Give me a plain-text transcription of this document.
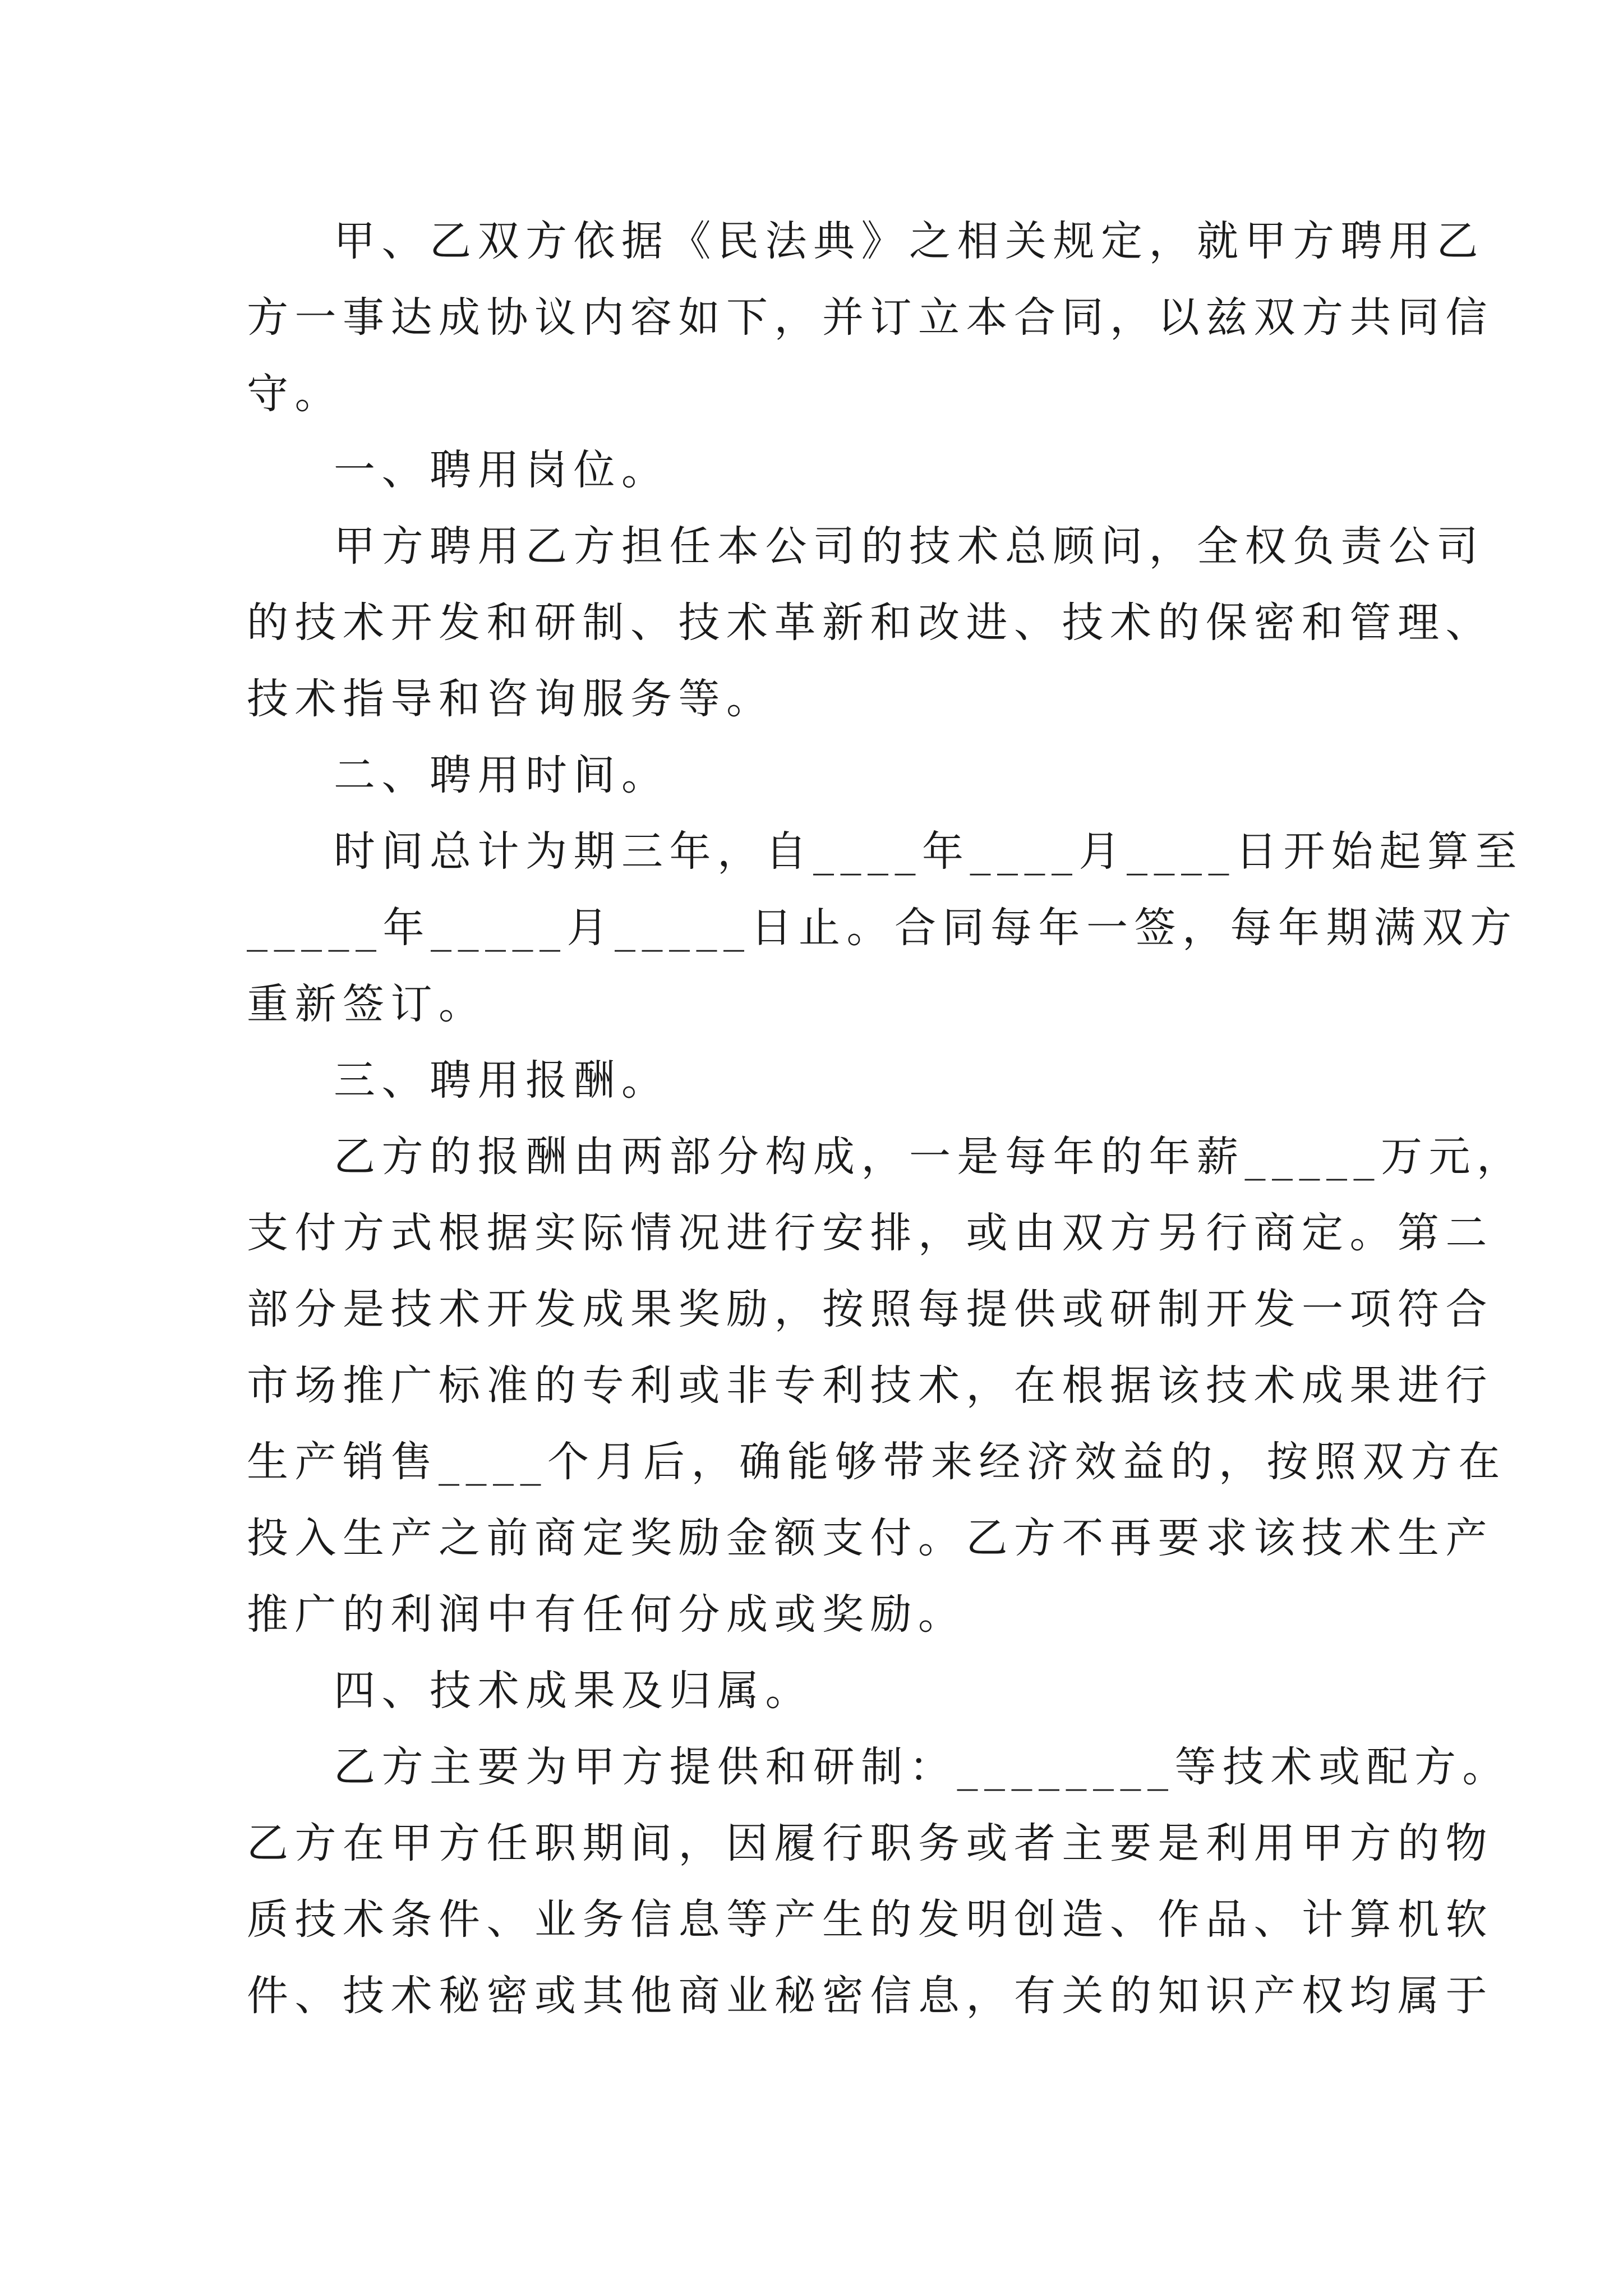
甲、乙双方依据《民法典》之相关规定，就甲方聘用乙
方一事达成协议内容如下，并订立本合同，以兹双方共同信
守。
一、聘用岗位。
甲方聘用乙方担任本公司的技术总顾问，全权负责公司
的技术开发和研制、技术革新和改进、技术的保密和管理、
技术指导和咨询服务等。
二、聘用时间。
时间总计为期三年，自____年____月____日开始起算至
_____年_____月_____日止。合同每年一签，每年期满双方
重新签订。
三、聘用报酬。
乙方的报酬由两部分构成，一是每年的年薪_____万元，
支付方式根据实际情况进行安排，或由双方另行商定。第二
部分是技术开发成果奖励，按照每提供或研制开发一项符合
市场推广标准的专利或非专利技术，在根据该技术成果进行
生产销售____个月后，确能够带来经济效益的，按照双方在
投入生产之前商定奖励金额支付。乙方不再要求该技术生产
推广的利润中有任何分成或奖励。
四、技术成果及归属。
乙方主要为甲方提供和研制：________等技术或配方。
乙方在甲方任职期间，因履行职务或者主要是利用甲方的物
质技术条件、业务信息等产生的发明创造、作品、计算机软
件、技术秘密或其他商业秘密信息，有关的知识产权均属于
